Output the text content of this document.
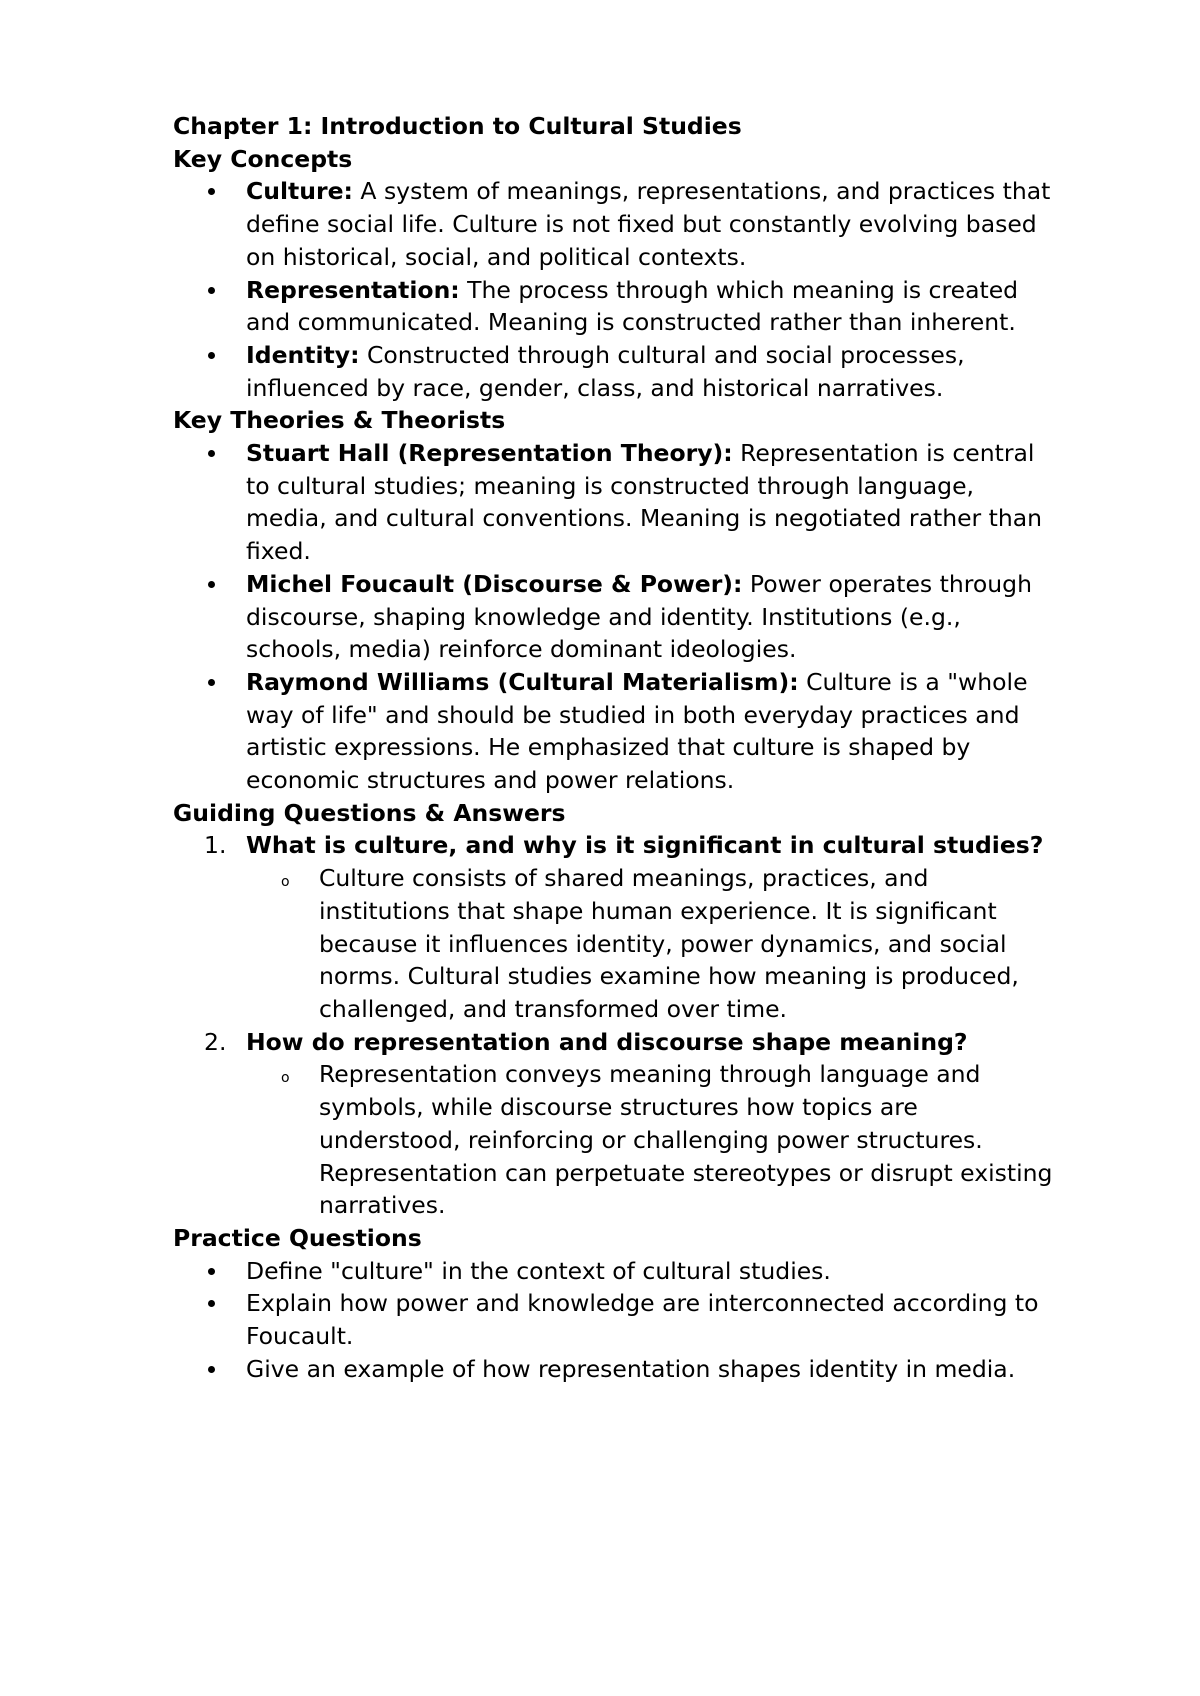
Chapter 1: Introduction to Cultural Studies
Key Concepts
Culture: A system of meanings, representations, and practices that define social life. Culture is not fixed but constantly evolving based on historical, social, and political contexts.
Representation: The process through which meaning is created and communicated. Meaning is constructed rather than inherent.
Identity: Constructed through cultural and social processes, influenced by race, gender, class, and historical narratives.
Key Theories & Theorists
Stuart Hall (Representation Theory): Representation is central to cultural studies; meaning is constructed through language, media, and cultural conventions. Meaning is negotiated rather than fixed.
Michel Foucault (Discourse & Power): Power operates through discourse, shaping knowledge and identity. Institutions (e.g., schools, media) reinforce dominant ideologies.
Raymond Williams (Cultural Materialism): Culture is a "whole way of life" and should be studied in both everyday practices and artistic expressions. He emphasized that culture is shaped by economic structures and power relations.
Guiding Questions & Answers
1. What is culture, and why is it significant in cultural studies?
o Culture consists of shared meanings, practices, and institutions that shape human experience. It is significant because it influences identity, power dynamics, and social norms. Cultural studies examine how meaning is produced, challenged, and transformed over time.
2. How do representation and discourse shape meaning?
o Representation conveys meaning through language and symbols, while discourse structures how topics are understood, reinforcing or challenging power structures. Representation can perpetuate stereotypes or disrupt existing narratives.
Practice Questions
Define "culture" in the context of cultural studies.
Explain how power and knowledge are interconnected according to Foucault.
Give an example of how representation shapes identity in media.
